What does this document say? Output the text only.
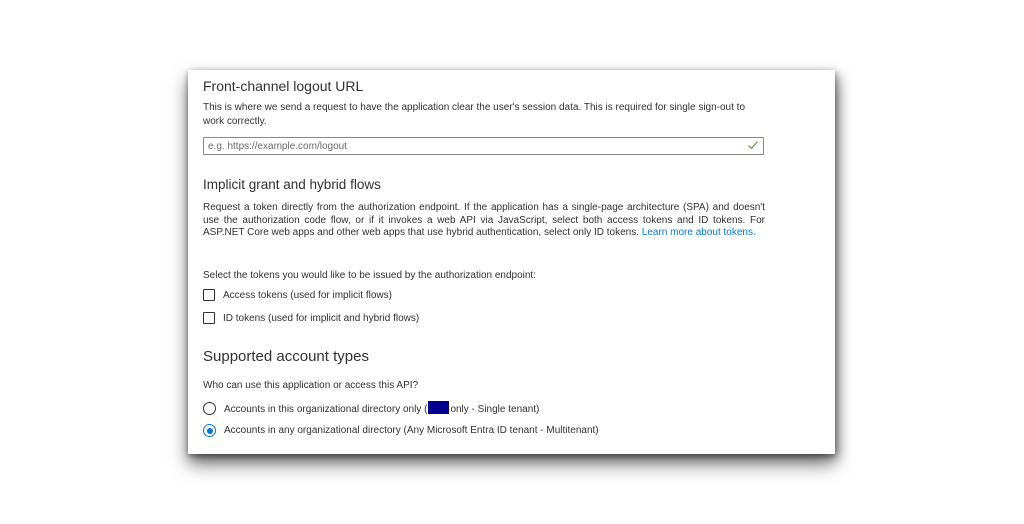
Front-channel logout URL
This is where we send a request to have the application clear the user's session data. This is required for single sign-out to work correctly.
e.g. https://example.com/logout
Implicit grant and hybrid flows
Request a token directly from the authorization endpoint. If the application has a single-page architecture (SPA) and doesn't use the authorization code flow, or if it invokes a web API via JavaScript, select both access tokens and ID tokens. For ASP.NET Core web apps and other web apps that use hybrid authentication, select only ID tokens. Learn more about tokens.
Select the tokens you would like to be issued by the authorization endpoint:
Access tokens (used for implicit flows)
ID tokens (used for implicit and hybrid flows)
Supported account types
Who can use this application or access this API?
Accounts in this organizational directory only ( only - Single tenant)
Accounts in any organizational directory (Any Microsoft Entra ID tenant - Multitenant)
